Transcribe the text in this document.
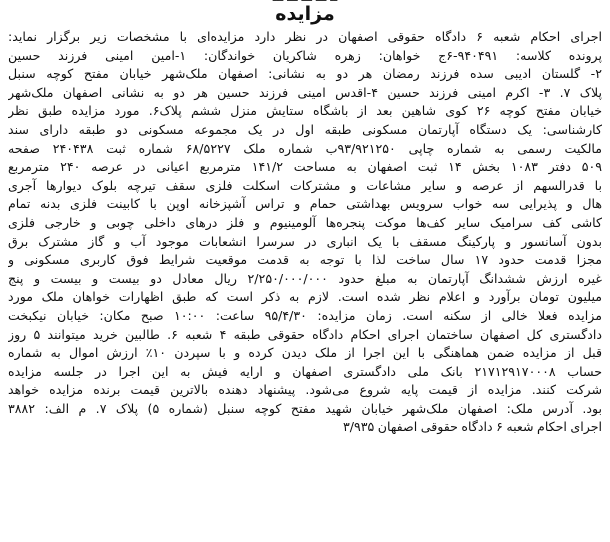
مزایده
اجرای احکام شعبه ۶ دادگاه حقوقی اصفهان در نظر دارد مزایده‌ای با مشخصات زیر برگزار نماید:
پرونده کلاسه: ۹۴۰۴۹۱-۶ج خواهان: زهره شاکریان خواندگان: ۱-امین امینی فرزند حسین
۲- گلستان ادیبی سده فرزند رمضان هر دو به نشانی: اصفهان ملک‌شهر خیابان مفتح کوچه سنبل
پلاک ۷. ۳- اکرم امینی فرزند حسین ۴-اقدس امینی فرزند حسین هر دو به نشانی اصفهان ملک‌شهر
خیابان مفتح کوچه ۲۶ کوی شاهین بعد از باشگاه ستایش منزل ششم پلاک۶. مورد مزایده طبق نظر
کارشناسی: یک دستگاه آپارتمان مسکونی طبقه اول در یک مجموعه مسکونی دو طبقه دارای سند
مالکیت رسمی به شماره چاپی ۹۳/۹۲۱۲۵۰ب شماره ملک ۶۸/۵۲۲۷ شماره ثبت ۲۴۰۴۳۸ صفحه
۵۰۹ دفتر ۱۰۸۳ بخش ۱۴ ثبت اصفهان به مساحت ۱۴۱/۲ مترمربع اعیانی در عرصه ۲۴۰ مترمربع
با قدرالسهم از عرصه و سایر مشاعات و مشترکات اسکلت فلزی سقف تیرچه بلوک دیوارها آجری
هال و پذیرایی سه خواب سرویس بهداشتی حمام و تراس آشپزخانه اوپن با کابینت فلزی بدنه تمام
کاشی کف سرامیک سایر کف‌ها موکت پنجره‌ها آلومینیوم و فلز درهای داخلی چوبی و خارجی فلزی
بدون آسانسور و پارکینگ مسقف با یک انباری در سرسرا انشعابات موجود آب و گاز مشترک برق
مجزا قدمت حدود ۱۷ سال ساخت لذا با توجه به قدمت موقعیت شرایط فوق کاربری مسکونی و
غیره ارزش ششدانگ آپارتمان به مبلغ حدود ۲/۲۵۰/۰۰۰/۰۰۰ ریال معادل دو بیست و بیست و پنج
میلیون تومان برآورد و اعلام نظر شده است. لازم به ذکر است که طبق اظهارات خواهان ملک مورد
مزایده فعلا خالی از سکنه است. زمان مزایده: ۹۵/۴/۳۰ ساعت: ۱۰:۰۰ صبح مکان: خیابان نیکبخت
دادگستری کل اصفهان ساختمان اجرای احکام دادگاه حقوقی طبقه ۴ شعبه ۶. طالبین خرید میتوانند ۵ روز
قبل از مزایده ضمن هماهنگی با این اجرا از ملک دیدن کرده و با سپردن ۱۰٪ ارزش اموال به شماره
حساب ۲۱۷۱۲۹۱۷۰۰۰۸ بانک ملی دادگستری اصفهان و ارایه فیش به این اجرا در جلسه مزایده
شرکت کنند. مزایده از قیمت پایه شروع می‌شود. پیشنهاد دهنده بالاترین قیمت برنده مزایده خواهد
بود. آدرس ملک: اصفهان ملک‌شهر خیابان شهید مفتح کوچه سنبل (شماره ۵) پلاک ۷. م الف: ۳۸۸۲
اجرای احکام شعبه ۶ دادگاه حقوقی اصفهان ۳/۹۳۵
